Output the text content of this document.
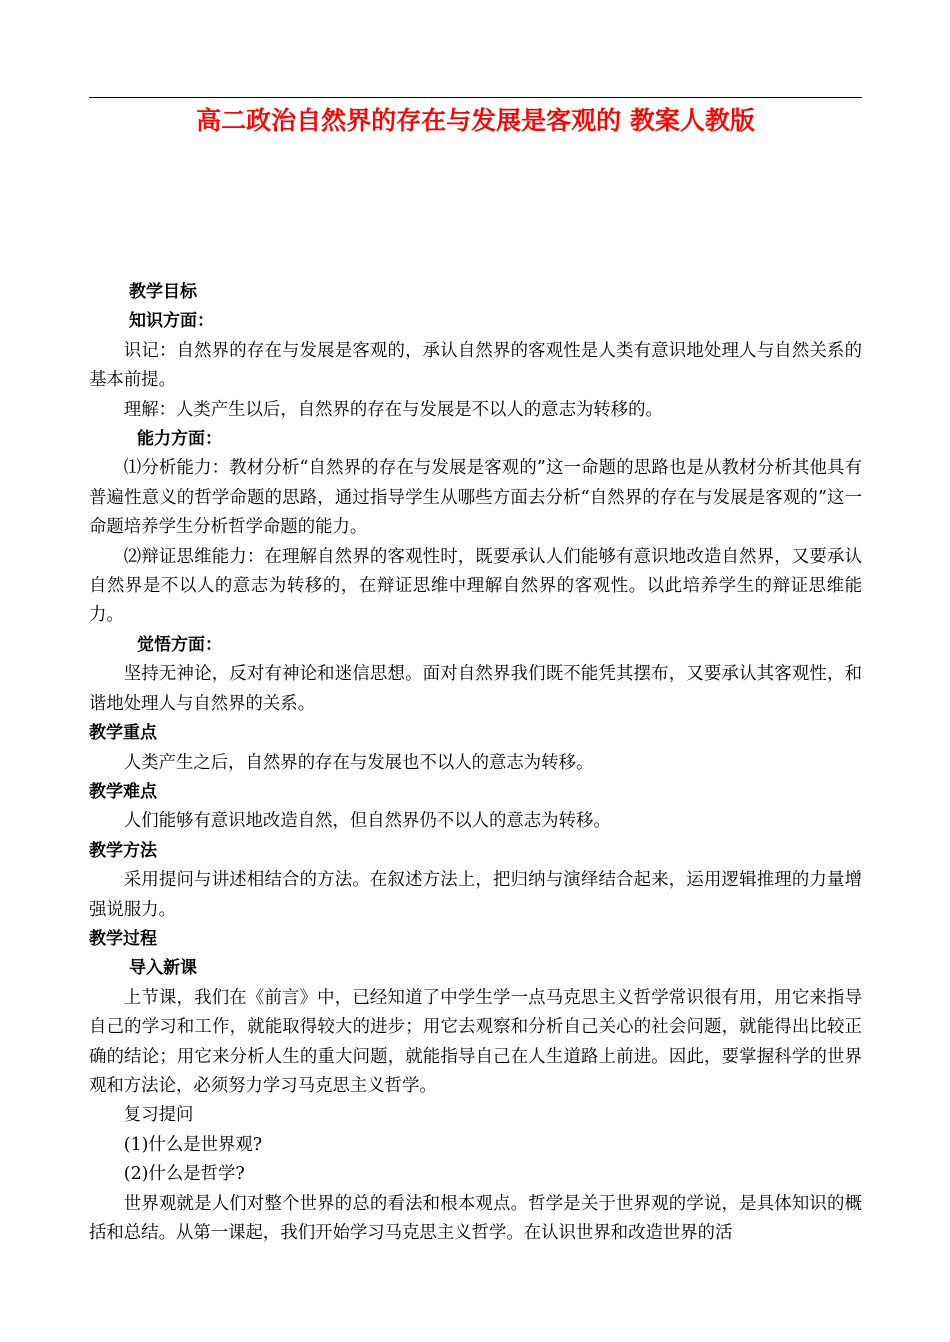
高二政治自然界的存在与发展是客观的 教案人教版

教学目标

知识方面：

识记：自然界的存在与发展是客观的，承认自然界的客观性是人类有意识地处理人与自然关系的基本前提。

理解：人类产生以后，自然界的存在与发展是不以人的意志为转移的。

能力方面：

⑴分析能力：教材分析“自然界的存在与发展是客观的”这一命题的思路也是从教材分析其他具有普遍性意义的哲学命题的思路，通过指导学生从哪些方面去分析“自然界的存在与发展是客观的”这一命题培养学生分析哲学命题的能力。

⑵辩证思维能力：在理解自然界的客观性时，既要承认人们能够有意识地改造自然界，又要承认自然界是不以人的意志为转移的，在辩证思维中理解自然界的客观性。以此培养学生的辩证思维能力。

觉悟方面：

坚持无神论，反对有神论和迷信思想。面对自然界我们既不能凭其摆布，又要承认其客观性，和谐地处理人与自然界的关系。

教学重点

人类产生之后，自然界的存在与发展也不以人的意志为转移。

教学难点

人们能够有意识地改造自然，但自然界仍不以人的意志为转移。

教学方法

采用提问与讲述相结合的方法。在叙述方法上，把归纳与演绎结合起来，运用逻辑推理的力量增强说服力。

教学过程

导入新课

上节课，我们在《前言》中，已经知道了中学生学一点马克思主义哲学常识很有用，用它来指导自己的学习和工作，就能取得较大的进步；用它去观察和分析自己关心的社会问题，就能得出比较正确的结论；用它来分析人生的重大问题，就能指导自己在人生道路上前进。因此，要掌握科学的世界观和方法论，必须努力学习马克思主义哲学。

复习提问

(1)什么是世界观?

(2)什么是哲学?

世界观就是人们对整个世界的总的看法和根本观点。哲学是关于世界观的学说，是具体知识的概括和总结。从第一课起，我们开始学习马克思主义哲学。在认识世界和改造世界的活
